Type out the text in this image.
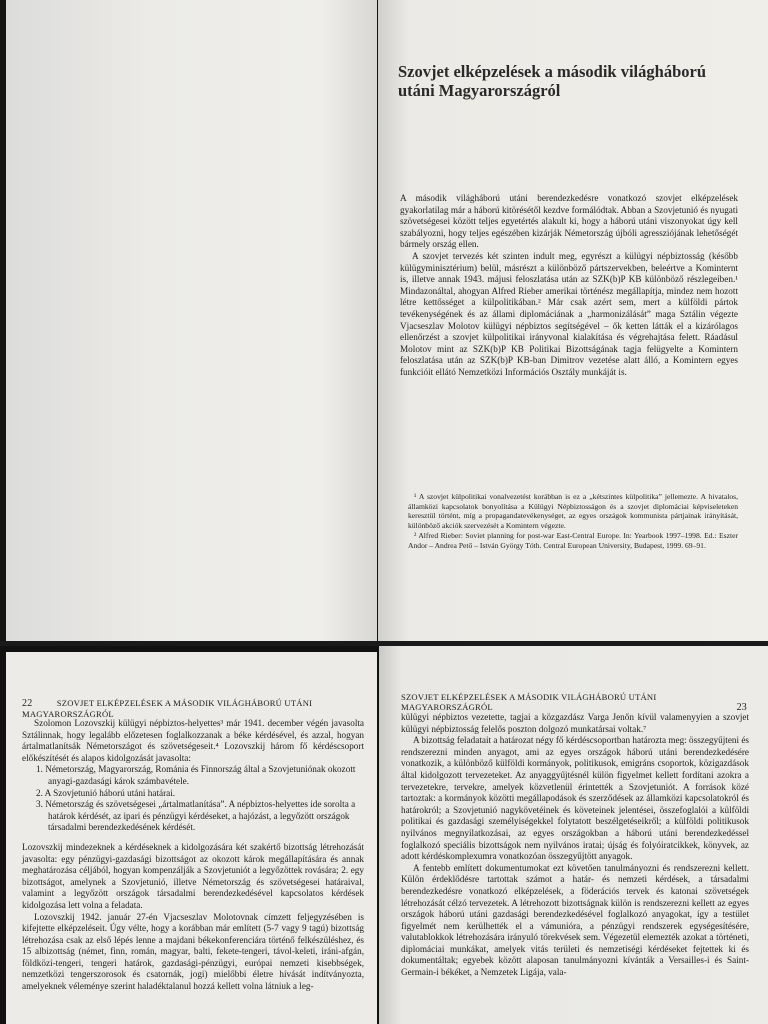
Szovjet elképzelések a második világháború
utáni Magyarországról

A második világháború utáni berendezkedésre vonatkozó szovjet elképzelések gyakorlatilag már a háború kitörésétől kezdve formálódtak. Abban a Szovjetunió és nyugati szövetségesei között teljes egyetértés alakult ki, hogy a háború utáni viszonyokat úgy kell szabályozni, hogy teljes egészében kizárják Németország újbóli agressziójának lehetőségét bármely ország ellen.

A szovjet tervezés két szinten indult meg, egyrészt a külügyi népbiztosság (később külügyminisztérium) belül, másrészt a különböző pártszervekben, beleértve a Kominternt is, illetve annak 1943. májusi feloszlatása után az SZK(b)P KB különböző részlegeiben.¹ Mindazonáltal, ahogyan Alfred Rieber amerikai történész megállapítja, mindez nem hozott létre kettősséget a külpolitikában.² Már csak azért sem, mert a külföldi pártok tevékenységének és az állami diplomáciának a „harmonizálását” maga Sztálin végezte Vjacseszlav Molotov külügyi népbiztos segítségével – ők ketten látták el a kizárólagos ellenőrzést a szovjet külpolitikai irányvonal kialakítása és végrehajtása felett. Ráadásul Molotov mint az SZK(b)P KB Politikai Bizottságának tagja felügyelte a Komintern feloszlatása után az SZK(b)P KB-ban Dimitrov vezetése alatt álló, a Komintern egyes funkcióit ellátó Nemzetközi Információs Osztály munkáját is.

¹ A szovjet külpolitikai vonalvezetést korábban is ez a „kétszintes külpolitika” jellemezte. A hivatalos, államközi kapcsolatok bonyolítása a Külügyi Népbiztosságon és a szovjet diplomáciai képviseleteken keresztül történt, míg a propagandatevékenységet, az egyes országok kommunista pártjainak irányítását, különböző akciók szervezését a Komintern végezte.

² Alfred Rieber: Soviet planning for post-war East-Central Europe. In: Yearbook 1997–1998. Ed.: Eszter Andor – Andrea Pető – István György Tóth. Central European University, Budapest, 1999. 69–91.

22	SZOVJET ELKÉPZELÉSEK A MÁSODIK VILÁGHÁBORÚ UTÁNI MAGYARORSZÁGRÓL

Szolomon Lozovszkij külügyi népbiztos-helyettes³ már 1941. december végén javasolta Sztálinnak, hogy legalább előzetesen foglalkozzanak a béke kérdésével, és azzal, hogyan ártalmatlanítsák Németországot és szövetségeseit.⁴ Lozovszkij három fő kérdéscsoport előkészítését és alapos kidolgozását javasolta:

1. Németország, Magyarország, Románia és Finnország által a Szovjetuniónak okozott anyagi-gazdasági károk számbavétele.
2. A Szovjetunió háború utáni határai.
3. Németország és szövetségesei „ártalmatlanítása”. A népbiztos-helyettes ide sorolta a határok kérdését, az ipari és pénzügyi kérdéseket, a hajózást, a legyőzött országok társadalmi berendezkedésének kérdését.

Lozovszkij mindezeknek a kérdéseknek a kidolgozására két szakértő bizottság létrehozását javasolta: egy pénzügyi-gazdasági bizottságot az okozott károk megállapítására és annak meghatározása céljából, hogyan kompenzálják a Szovjetuniót a legyőzöttek rovására; 2. egy bizottságot, amelynek a Szovjetunió, illetve Németország és szövetségesei határaival, valamint a legyőzött országok társadalmi berendezkedésével kapcsolatos kérdések kidolgozása lett volna a feladata.

Lozovszkij 1942. január 27-én Vjacseszlav Molotovnak címzett feljegyzésében is kifejtette elképzeléseit. Úgy vélte, hogy a korábban már említett (5-7 vagy 9 tagú) bizottság létrehozása csak az első lépés lenne a majdani békekonferenciára történő felkészüléshez, és 15 albizottság (német, finn, román, magyar, balti, fekete-tengeri, távol-keleti, iráni-afgán, földközi-tengeri, tengeri határok, gazdasági-pénzügyi, európai nemzeti kisebbségek, nemzetközi tengerszorosok és csatornák, jogi) mielőbbi életre hívását indítványozta, amelyeknek véleménye szerint haladéktalanul hozzá kellett volna látniuk a leg-

SZOVJET ELKÉPZELÉSEK A MÁSODIK VILÁGHÁBORÚ UTÁNI MAGYARORSZÁGRÓL	23

külügyi népbiztos vezetette, tagjai a közgazdász Varga Jenőn kívül valamenyyien a szovjet külügyi népbiztosság felelős poszton dolgozó munkatársai voltak.⁷

A bizottság feladatait a határozat négy fő kérdéscsoportban határozta meg: összegyűjteni és rendszerezni minden anyagot, ami az egyes országok háború utáni berendezkedésére vonatkozik, a különböző külföldi kormányok, politikusok, emigráns csoportok, közigazdások által kidolgozott tervezeteket. Az anyaggyűjtésnél külön figyelmet kellett fordítani azokra a tervezetekre, tervekre, amelyek közvetlenül érintették a Szovjetuniót. A források közé tartoztak: a kormányok közötti megállapodások és szerződések az államközi kapcsolatokról és határokról; a Szovjetunió nagykövetéinek és követeinek jelentései, összefoglalói a külföldi politikai és gazdasági személyiségekkel folytatott beszélgetéseikről; a külföldi politikusok nyilvános megnyilatkozásai, az egyes országokban a háború utáni berendezkedéssel foglalkozó speciális bizottságok nem nyilvános iratai; újság és folyóiratcikkek, könyvek, az adott kérdéskomplexumra vonatkozóan összegyűjtött anyagok.

A fentebb említett dokumentumokat ezt követően tanulmányozni és rendszerezni kellett. Külön érdeklődésre tartottak számot a határ- és nemzeti kérdések, a társadalmi berendezkedésre vonatkozó elképzelések, a föderációs tervek és katonai szövetségek létrehozását célzó tervezetek. A létrehozott bizottságnak külön is rendszerezni kellett az egyes országok háború utáni gazdasági berendezkedésével foglalkozó anyagokat, így a testület figyelmét nem kerülhették el a vámunióra, a pénzügyi rendszerek egységesítésére, valutablokkok létrehozására irányuló törekvések sem. Végezetül elemezték azokat a történeti, diplomáciai munkákat, amelyek vitás területi és nemzetiségi kérdéseket fejtettek ki és dokumentáltak; egyebek között alaposan tanulmányozni kívánták a Versailles-i és Saint-Germain-i békéket, a Nemzetek Ligája, vala-
